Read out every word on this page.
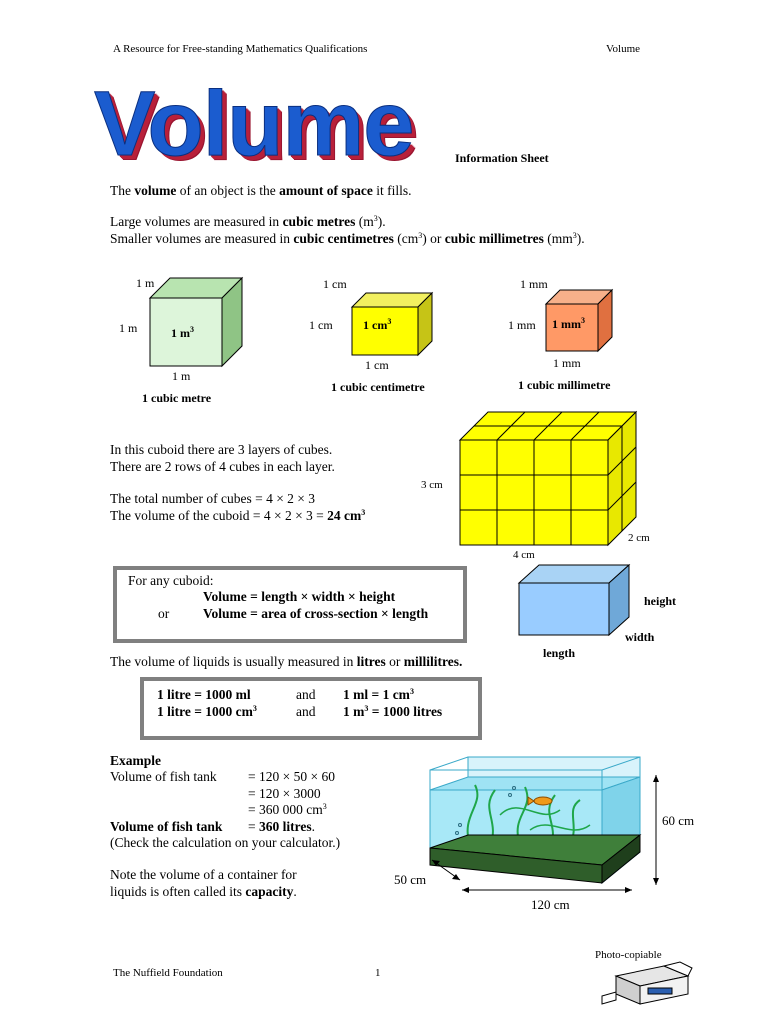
A Resource for Free-standing Mathematics Qualifications	Volume
Volume	Information Sheet
The volume of an object is the amount of space it fills.
Large volumes are measured in cubic metres $(m^3)$.
Smaller volumes are measured in cubic centimetres $(cm^3)$ or cubic millimetres $(mm^3)$.
1 m
1 m
1 m
1 $m^3$
1 cubic metre
1 cm
1 cm
1 cm
1 $cm^3$
1 cubic centimetre
1 mm
1 mm
1 mm
1 $mm^3$
1 cubic millimetre
In this cuboid there are 3 layers of cubes.
There are 2 rows of 4 cubes in each layer.
The total number of cubes = 4 × 2 × 3
The volume of the cuboid = 4 × 2 × 3 = 24 $cm^3$
3 cm
4 cm
2 cm
For any cuboid:
Volume = length × width × height
or	Volume = area of cross-section × length
height
width
length
The volume of liquids is usually measured in litres or millilitres.
1 litre = 1000 ml	and 1 ml = 1 $cm^3$
1 litre = 1000 $cm^3$	and 1 $m^3 = 1000$ litres
Example
Volume of fish tank = 120 × 50 × 60
= 120 × 3000
= 360 000 $cm^3$
Volume of fish tank = 360 litres.
(Check the calculation on your calculator.)
Note the volume of a container for
liquids is often called its capacity.
60 cm
50 cm
120 cm
Photo-copiable
The Nuffield Foundation	1
